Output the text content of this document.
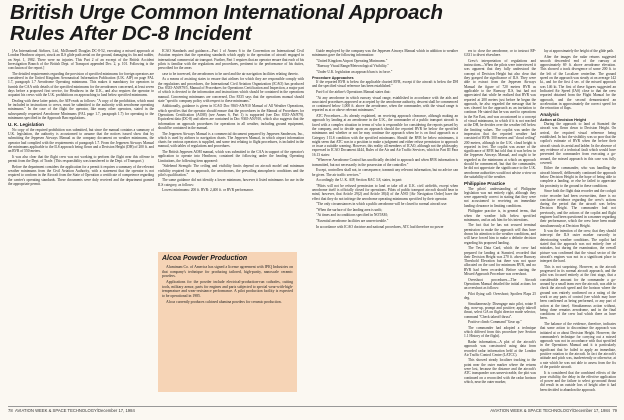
British Urge Common International Approach Rules After DC-8 Incident

[An International Airlines, Ltd., McDonnell Douglas DC-8-52, executing a missed approach at London Heathrow airport, struck an ILS glide path aerial on the ground, damaging its fin and rudder, on Sept. 1, 1982. There were no injuries. This Part 2 of an excerpt of the British Accident Investigation Branch of the British Dept. of Transport appended Dec. 2, p. 101. Following is the conclusion of the report.]

The detailed requirements regarding the provision of specified minimums for foreign operators are considered in the United Kingdom Aeronautical Information Publication (U.K. AIP) on page FAL 1.7, paragraph 1.7 Aerodrome Operating minimums. This makes it mandatory for operators to furnish the CAA with details of the specified minimums for the aerodromes concerned, at least seven days before a proposed first service, for Heathrow in the U.K., and also requires the operator to acquaint his crews with the U.K. prohibitions on approaching to land below specified minimums.

Dealing with these latter points, the AIP reads as follows: "A copy of the prohibition, which must be included in instructions to crews, must be submitted to the authority with aerodrome operating minimums." In the case of the flight the operator, like many other operators, stated in the subsequently requested Aerodrome Minimums (FAL page 1.7, paragraph 1.7) for operating to the minimums specified in the Approach Ban regulations.

U. K. Legislation

No copy of the required prohibition was submitted, but since the manual contains a summary of U.K. legislation, the authority is accustomed to assume that the notices issued show that by submitting the Jeppesen Airways Manual as the company document on weather minimums, the operator had complied with the requirements of paragraph 1.7. From the Jeppesen Airways Manual the minimums applicable to the ILS approach being flown and a Decision Height (DH) of 200 ft. and an RVR of 550 meters.

It was also clear that the flight crew was not working to perform the flight near this offense in permit from the Dept. of Trade. (This responsibility was transferred to the Dept. of Transport.)

Before the department considers the application for a permit it requires a summary of the relevant weather minimums from the Civil Aviation Authority, with a statement that the operator is not required to conform in the Aircraft from the State of Operation a certificate of competence regarding the carrier's operating standards. These documents were duly received and the department granted the appropriate permit.

ICAO Standards and guidance—Part 1 of Annex 6 to the Convention on International Civil Aviation requires that the operating standards which apply to the operation of aircraft engaged in international commercial air transport. Further, Part 1 requires that an operator ensure that each of his pilots is familiar with the regulations and procedures, pertinent to the performance of his duties, prescribed for the areas

case to be traversed, the aerodromes to be used and the air navigation facilities relating thereto.

As a means of assisting states to ensure that airlines for which they are responsible comply with the regulations and procedures, the International Civil Aviation Organization (ICAO) has produced Doc 8335-AN/879/5, Manual of Procedures for Operations Certification and Inspection, a major part of which is devoted to the information and instructions which should be contained in the operations manual. Concerning minimums are concerned, Doc 8335 says that the operations manual should state "specific company policy with respect to these minimums."

Additionally, guidance is given in ICAO Doc 9365-AN/910 Manual of All Weather Operations, which specifies that the operator should ensure that the procedures in the Manual of Procedures for Operations Certification (AOM) (see Annex 6, Part 1) is supported (see Doc 8335-AN/879). Equivalent data (DC-8) and others are contained in Doc 9365-AN/910, which also suggests that the information on approach procedures for operations in all weather, including ground equipment, should be contained in the manual.

The Jeppesen Airways Manual is a commercial document prepared by Jeppesen Sanderson, Inc., which is used by airlines to navigation charts. The Jeppesen Manual, in which airport information charts for various operators is supplied, and some text relating to flight procedures, is included in the manual, with tables of regulations and procedures.

The British Jeppesen AOM manual, which was submitted to the CAA in support of the operator's application to operate into Heathrow, contained the following under the heading Operating Limitations, the following item appeared:

"Sidebend Strength: The ceiling and visibility limits depend on aircraft model and minimum visibility required for an approach, the aerodromes, the prevailing atmospheric conditions and the pilot's qualification."

The same guidance did not identify a lower minimum, however it listed minimums for use in the ILS category, as follows:

Lowest minimums: 200 ft. RVR: 2,400 ft. or RVR performance.

Guide employed by the company was the Jeppesen Airways Manual which in addition to weather minimums gave the following information:

"United Kingdom Airport Operating Minimums."

"Runway Visual Range/Meteorological Visibility."

"Under U.K. legislation an approach ban is in force."

Procedure Approaches

If the reported RVR is below the applicable charted RVR, except if the aircraft is below the DH and the specified visual reference has been established."

Part 6 of the airline's Operations Manual states that:

"At any aerodrome in which runway visual range, established in accordance with the aids and associated procedures approved or accepted by the aerodrome authority, descent shall be commenced or continued below 1,000 ft. above the aerodrome, when the commander, with the visual range is reported as at or above relevant minimums."

ATC Procedures—As already explained, on receiving approach clearance, although making an approach by landing at an aerodrome in the U.K., the commander of a public transport aircraft is faced with a complex situation in terms of who is responsible for considering the reports passed by the company, and to decide upon an approach should the reported RVR be below the specified minimums and whether or not he may continue the approach when he is on final approach as a Category I ILS condition with the specified minimums. Should the RVR be below minimums, it might seem that ATC was in a position to make a judgment and either refuse permission to approach or issue a suitable warning. However, this reality all members of ICAO, although not the philosophy expressed in ICAO Document 4444, Rules of the Air and Air Traffic Services, which in Part III Para 16.13 states:

"Wherever Aerodrome Control has unofficially decided to approach and when RVR information is transmitted, but not necessarily in the possession of the controller."

Except, controllers shall not, in consequence, transmit any relevant information, but no advice can be given. The air traffic services."

Accordingly the U. K. AIP, Section RAC 3.8, states, in part:

"Pilots will not be refused permission to land or take off at U.K. civil airfields, except when aerodrome itself is officially closed for operations. Pilots of public transport aircraft should bear in mind, however, that Article 29(2) and Article 38(4) of the ANO [Air Navigation Order] have the effect that they do not infringe the aerodrome operating minimums specified by their operator.

"The only circumstances in which a public aerodrome will be closed to normal aircraft use:

"When the surface of the landing area is unfit;

"At times and in conditions specified in NOTAM;

"Essential aerodrome facilities are unserviceable."

In accordance with ICAO doctrine and national procedures, ATC had therefore no power

ers to close the aerodrome, or to instruct RP-G331 to divert elsewhere.

Crew's interpretation of regulations and instructions—When the pilots were interviewed it was apparent that they fully understood the concept of Decision Height but also clear that they grasped the significance of ILS. They were able to extract from the Jeppesen Airways Manual the figure of 720 meters RVR as applicable to the Runway ILS, but had not appreciated that while he realized that RVR was reported at 200 meters just before he began the approach, he also regarded the message that he was cleared for the approach as an invitation to continue. He stated that he was used to operations in the Far East, and was accustomed to a concept of visual minimums, in which if it is not reached at the DH, he decides over the weather fell below the limiting values. The copilot was under the impression that the reported weather had consisted of RVR: 500 meters and "cloud ceiling" 200 meters, although in the U.K. cloud height is reported in feet. The copilot was aware of the significance of RVR but told that it was below in the Jeppesen Airways Manual, and ought to be regarded as the minimums at which an approach should be commenced, but that the commander, he did not appreciate the significance to the U.K. aerodrome authorities would not advise a view on the suitability of the weather.

Philippine Practice

The pilots' understanding of Philippine legislation was not entirely right, although they were apparently correct in stating that they were not accustomed to receiving an immediate landing clearance in limiting conditions.

Philippine practice is, in general terms, that when the weather falls below specified minimums, and as ask him for his intentions.

The fact that he has not secured terminal permission to make the approach will thus have drawn his attention to the weather conditions, and will have forced him to make a definite decision regarding his proposed landing.

The Test Data Card, which the crew had prepared for landing at Stansted, recorded that their Decision Height was 270 ft. above Runway Threshold Elevation but there was not space allocated on the card for minimum RVR, and no RVR had been recorded. Before starting the Missed Approach Procedure was overshoot.

Overshoot procedures—The Aircraft Operations Manual detailed the initial actions for an overshoot as follows:

Pilot flying call: Overshoot; Spoilers Flaps 25 deg.

Simultaneously: Disengage auto pilot, rotate 8 deg. nose-up, prompt and positive; apply takeoff thrust, select GA on flight director mode selector, command "Check takeoff thrust".

Positive climb: Command "Gear up."

The commander had adopted a technique which differed from this procedure (see Section 1.1 History of the flight).

Radar information—A plot of the aircraft's approach was constructed using data from recorded radar information held at the London Air Traffic Control Centre (LATCC).

This showed steady localizer tracking to the point near the outer marker where the returns were lost, because the distance and the aircraft's ATC transponder was unserviceable, the plot was continued on a reconciled with the radar horizon which, near the outer marker,

lay at approximately the height of the glide path.

After the images the radar returns suggested smooth descended end of the runway at approximately 69 ft. above aerodrome elevation. This showed a track divergence of some 200 ft. to the left of the Localizer centerline. The ground speed on the approach was steady at on average 142 kt., and for the first 4 sec. of the missed approach was 146 kt. The first of these figures suggested an Indicated Air Speed (IAS) close to that the crew reported obtained from the Flight Manual for the approach, and the second demonstrated an acceleration in approximately the correct speed for the retraction of flaps.

Analysis
Action at Decision Height

During the approach to land at Stansted the aircraft was flown down to Decision Height. On arrival, the required visual reference being established. In fact the visibility was so poor that the copilot's estimate of RVR when the before their aircraft struck its aerial and ladder. In the absence of any evidence of a technical fault which would have prevented the commander from executing a go-around, the missed approach in this case was fully covered.

Either the commander, who was handling the aircraft himself, deliberately continued the approach below Decision Height in the hope of being able to complete a landing, or else he failed to appreciate his proximity to the ground in these conditions.

Since both the flight data recorder and the cockpit voice recorder had been overwritten, there is no conclusive evidence regarding the crew's actions during the period that the aircraft was below Decision Height. The commander had not previously, and the actions of the copilot and flight engineer had been questioned in a manner regarding their performance, which the crew have been made simultaneously at Decision Height.

It was the intention of the crew, that they should intercept the ILS outer marker cursorily in deteriorating weather conditions. The copilot had stated that the approach was not entirely free of mistakes, but during the examination, the overall picture was confirmed that the visual sector of the aircraft's engines was not in a significant place to interpret the hard.

This is not surprising. However, as the aircraft progressed in its normal aircraft approach, and the pilot was focused entirely at the first stage, that a considerable amount for the commander a go-around by a small team over the aircraft, was able to check the aircraft speed and the horizon where the ground was entirely confirmed on a rating of the work or any parts of control (see which may have been confirmed as being performed, or any part of action at the time). Simultaneous action without, being done remains aerodrome, and in the final conditions of the crew had which there as have been.

The balance of the evidence, therefore, indicates that some action to discontinue the approach was initiated at or about Decision Height. However, the commander's technique for carrying out a missed approach was not in accordance with that specified in the Operations Manual and it is particularly significant that he failed to apply an immediate, positive rotation to the aircraft. In fact the aircraft's attitude and pitch was, inadvertently or otherwise, at a rate which he was not able to assess from the fix of the particle aircraft.

It is considered that the combined effects of the poor visibility, the delay in the effective application of power and the failure to select go-around thrust did result in an outside loss of height after it had been decided to abandon the approach.

Alcoa Powder Production

Aluminum Co. of America has signed a license agreement with IPIQ Industries on that company's technique for producing tailored, high-purity, nanoscale ceramic powders.

Applications for the powder include electrical-production-run cathodes, cutting tools, military armor, parts for engines and parts subjected to special wear-with-high-temperature and wear-resistance performance. A pilot production facility is expected to be operational in 1985.

Alcoa currently produces calcined alumina powders for ceramic production.

78 AVIATION WEEK & SPACE TECHNOLOGY/December 17, 1984	AVIATION WEEK & SPACE TECHNOLOGY/December 17, 1984 79
